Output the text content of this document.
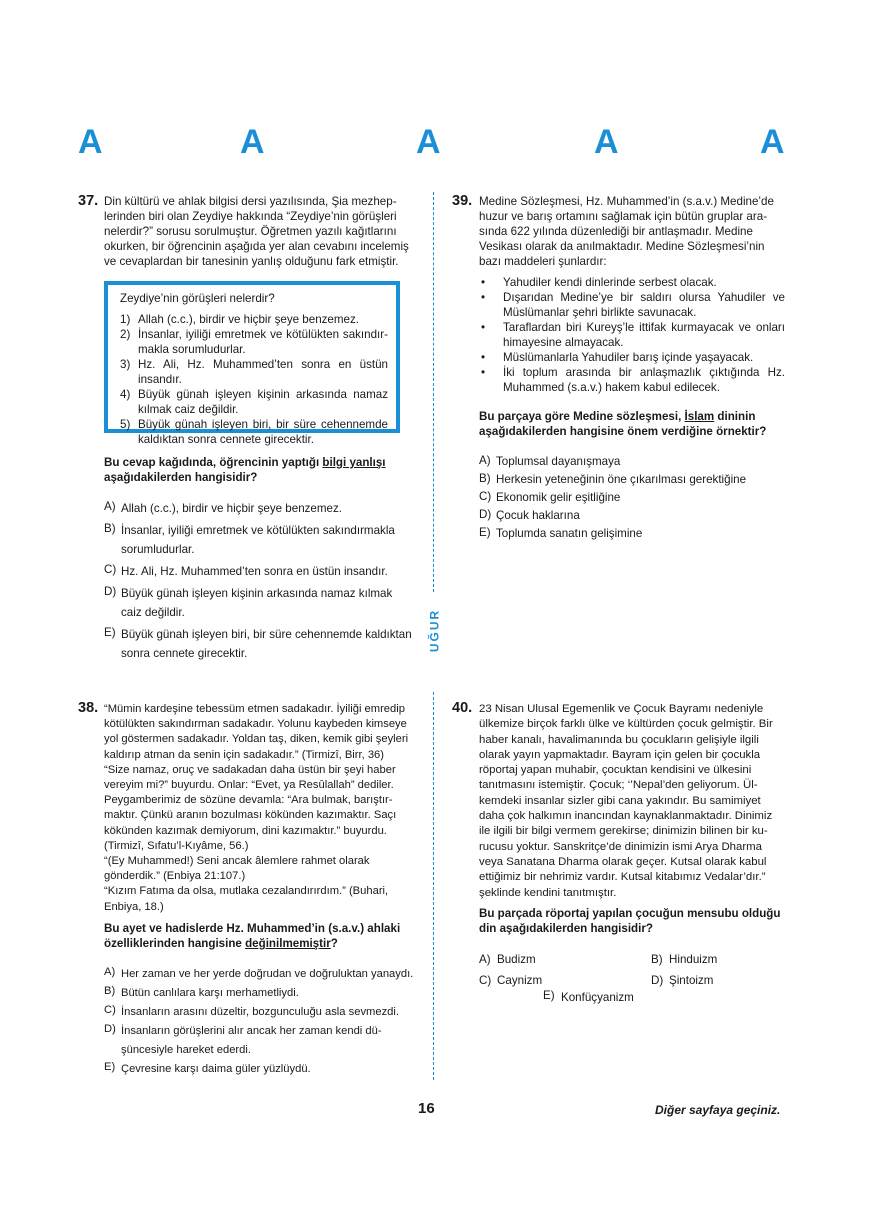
A	A	A	A	A
UĞUR
37. Din kültürü ve ahlak bilgisi dersi yazılısında, Şia mezhep-

lerinden biri olan Zeydiye hakkında “Zeydiye’nin görüşleri

nelerdir?” sorusu sorulmuştur. Öğretmen yazılı kağıtlarını

okurken, bir öğrencinin aşağıda yer alan cevabını incelemiş

ve cevaplardan bir tanesinin yanlış olduğunu fark etmiştir.

Zeydiye’nin görüşleri nelerdir?
1) Allah (c.c.), birdir ve hiçbir şeye benzemez.
2) İnsanlar, iyiliği emretmek ve kötülükten sakındır- makla sorumludurlar.
3) Hz. Ali, Hz. Muhammed’ten sonra en üstün insandır.
4) Büyük günah işleyen kişinin arkasında namaz kılmak caiz değildir.
5) Büyük günah işleyen biri, bir süre cehennemde kaldıktan sonra cennete girecektir.
Bu cevap kağıdında, öğrencinin yaptığı bilgi yanlışı
aşağıdakilerden hangisidir?
A) Allah (c.c.), birdir ve hiçbir şeye benzemez.
B) İnsanlar, iyiliği emretmek ve kötülükten sakındırmakla sorumludurlar.
C) Hz. Ali, Hz. Muhammed’ten sonra en üstün insandır.
D) Büyük günah işleyen kişinin arkasında namaz kılmak caiz değildir.
E) Büyük günah işleyen biri, bir süre cehennemde kaldıktan sonra cennete girecektir.
39. Medine Sözleşmesi, Hz. Muhammed’in (s.a.v.) Medine’de

huzur ve barış ortamını sağlamak için bütün gruplar ara-

sında 622 yılında düzenlediği bir antlaşmadır. Medine

Vesikası olarak da anılmaktadır. Medine Sözleşmesi’nin

bazı maddeleri şunlardır:

•	Yahudiler kendi dinlerinde serbest olacak.
•	Dışarıdan Medine’ye bir saldırı olursa Yahudiler ve Müslümanlar şehri birlikte savunacak.
•	Taraflardan biri Kureyş’le ittifak kurmayacak ve onları himayesine almayacak.
•	Müslümanlarla Yahudiler barış içinde yaşayacak.
•	İki toplum arasında bir anlaşmazlık çıktığında Hz. Muhammed (s.a.v.) hakem kabul edilecek.
Bu parçaya göre Medine sözleşmesi, İslam dininin
aşağıdakilerden hangisine önem verdiğine örnektir?
A) Toplumsal dayanışmaya
B) Herkesin yeteneğinin öne çıkarılması gerektiğine
C) Ekonomik gelir eşitliğine
D) Çocuk haklarına
E) Toplumda sanatın gelişimine
38. “Mümin kardeşine tebessüm etmen sadakadır. İyiliği emredip

kötülükten sakındırman sadakadır. Yolunu kaybeden kimseye

yol göstermen sadakadır. Yoldan taş, diken, kemik gibi şeyleri

kaldırıp atman da senin için sadakadır.” (Tirmizî, Birr, 36)

“Size namaz, oruç ve sadakadan daha üstün bir şeyi haber

vereyim mi?” buyurdu. Onlar: “Evet, ya Resûlallah” dediler.

Peygamberimiz de sözüne devamla: “Ara bulmak, barıştır-

maktır. Çünkü aranın bozulması kökünden kazımaktır. Saçı

kökünden kazımak demiyorum, dini kazımaktır.” buyurdu.

(Tirmizî, Sıfatu’l-Kıyâme, 56.)

“(Ey Muhammed!) Seni ancak âlemlere rahmet olarak

gönderdik.” (Enbiya 21:107.)

“Kızım Fatıma da olsa, mutlaka cezalandırırdım.” (Buhari,

Enbiya, 18.)

Bu ayet ve hadislerde Hz. Muhammed’in (s.a.v.) ahlaki
özelliklerinden hangisine değinilmemiştir?
A) Her zaman ve her yerde doğrudan ve doğruluktan yanaydı.
B) Bütün canlılara karşı merhametliydi.
C) İnsanların arasını düzeltir, bozgunculuğu asla sevmezdi.
D) İnsanların görüşlerini alır ancak her zaman kendi dü- şüncesiyle hareket ederdi.
E) Çevresine karşı daima güler yüzlüydü.
40. 23 Nisan Ulusal Egemenlik ve Çocuk Bayramı nedeniyle

ülkemize birçok farklı ülke ve kültürden çocuk gelmiştir. Bir

haber kanalı, havalimanında bu çocukların gelişiyle ilgili

olarak yayın yapmaktadır. Bayram için gelen bir çocukla

röportaj yapan muhabir, çocuktan kendisini ve ülkesini

tanıtmasını istemiştir. Çocuk; ‘’Nepal’den geliyorum. Ül-

kemdeki insanlar sizler gibi cana yakındır. Bu samimiyet

daha çok halkımın inancından kaynaklanmaktadır. Dinimiz

ile ilgili bir bilgi vermem gerekirse; dinimizin bilinen bir ku-

rucusu yoktur. Sanskritçe’de dinimizin ismi Arya Dharma

veya Sanatana Dharma olarak geçer. Kutsal olarak kabul

ettiğimiz bir nehrimiz vardır. Kutsal kitabımız Vedalar’dır.”

şeklinde kendini tanıtmıştır.

Bu parçada röportaj yapılan çocuğun mensubu olduğu
din aşağıdakilerden hangisidir?
A) Budizm	B) Hinduizm
C) Caynizm	D) Şintoizm
E) Konfüçyanizm
16	Diğer sayfaya geçiniz.
